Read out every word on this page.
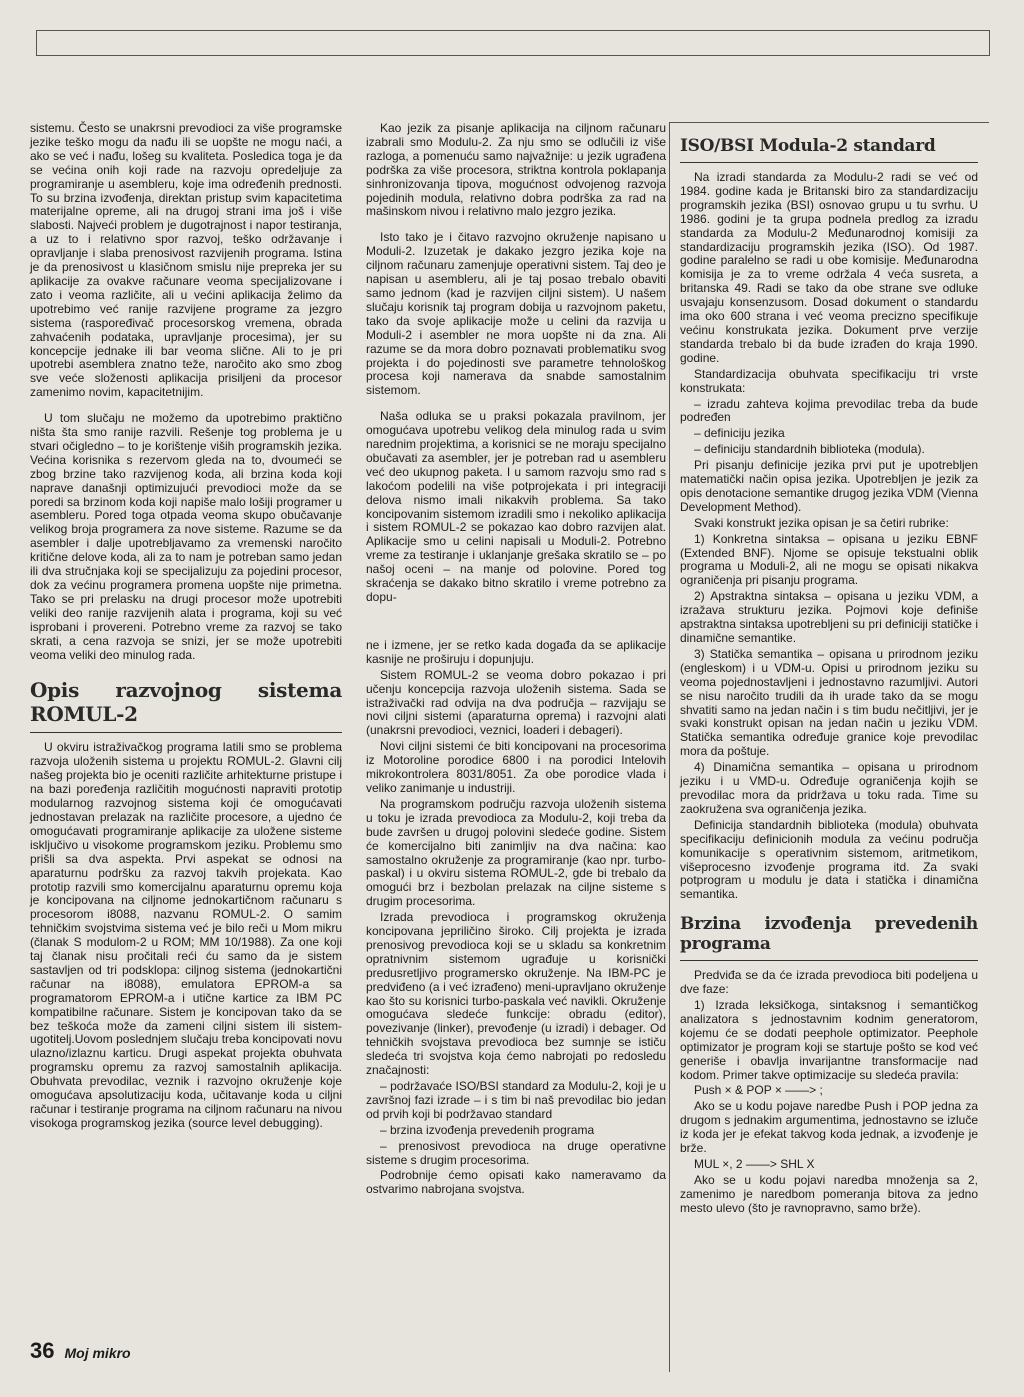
sistemu. Često se unakrsni prevodioci za više programske jezike teško mogu da nađu ili se uopšte ne mogu naći, a ako se već i nađu, lošeg su kvaliteta. Posledica toga je da se većina onih koji rade na razvoju opredeljuje za programiranje u asembleru, koje ima određenih prednosti. To su brzina izvođenja, direktan pristup svim kapacitetima materijalne opreme, ali na drugoj strani ima još i više slabosti. Najveći problem je dugotrajnost i napor testiranja, a uz to i relativno spor razvoj, teško održavanje i opravljanje i slaba prenosivost razvijenih programa. Istina je da prenosivost u klasičnom smislu nije prepreka jer su aplikacije za ovakve računare veoma specijalizovane i zato i veoma različite, ali u većini aplikacija želimo da upotrebimo već ranije razvijene programe za jezgro sistema (raspoređivač procesorskog vremena, obrada zahvaćenih podataka, upravljanje procesima), jer su koncepcije jednake ili bar veoma slične. Ali to je pri upotrebi asemblera znatno teže, naročito ako smo zbog sve veće složenosti aplikacija prisiljeni da procesor zamenimo novim, kapacitetnijim.

U tom slučaju ne možemo da upotrebimo praktično ništa šta smo ranije razvili. Rešenje tog problema je u stvari očigledno – to je korištenje viših programskih jezika. Većina korisnika s rezervom gleda na to, dvoumeći se zbog brzine tako razvijenog koda, ali brzina koda koji naprave današnji optimizujući prevodioci može da se poredi sa brzinom koda koji napiše malo lošiji programer u asembleru. Pored toga otpada veoma skupo obučavanje velikog broja programera za nove sisteme. Razume se da asembler i dalje upotrebljavamo za vremenski naročito kritične delove koda, ali za to nam je potreban samo jedan ili dva stručnjaka koji se specijalizuju za pojedini procesor, dok za većinu programera promena uopšte nije primetna. Tako se pri prelasku na drugi procesor može upotrebiti veliki deo ranije razvijenih alata i programa, koji su već isprobani i provereni. Potrebno vreme za razvoj se tako skrati, a cena razvoja se snizi, jer se može upotrebiti veoma veliki deo minulog rada.

Opis razvojnog sistema ROMUL-2

U okviru istraživačkog programa Iatili smo se problema razvoja uloženih sistema u projektu ROMUL-2. Glavni cilj našeg projekta bio je oceniti različite arhitekturne pristupe i na bazi poređenja različitih mogućnosti napraviti prototip modularnog razvojnog sistema koji će omogućavati jednostavan prelazak na različite procesore, a ujedno će omogućavati programiranje aplikacije za uložene sisteme isključivo u visokome programskom jeziku. Problemu smo prišli sa dva aspekta. Prvi aspekat se odnosi na aparaturnu podršku za razvoj takvih projekata. Kao prototip razvili smo komercijalnu aparaturnu opremu koja je koncipovana na ciljnome jednokartičnom računaru s procesorom i8088, nazvanu ROMUL-2. O samim tehničkim svojstvima sistema već je bilo reči u Mom mikru (članak S modulom-2 u ROM; MM 10/1988). Za one koji taj članak nisu pročitali reći ću samo da je sistem sastavljen od tri podsklopa: ciljnog sistema (jednokartični računar na i8088), emulatora EPROM-a sa programatorom EPROM-a i utične kartice za IBM PC kompatibilne računare. Sistem je koncipovan tako da se bez teškoća može da zameni ciljni sistem ili sistem- ugotitelj.Uovom poslednjem slučaju treba koncipovati novu ulazno/izlaznu karticu. Drugi aspekat projekta obuhvata programsku opremu za razvoj samostalnih aplikacija. Obuhvata prevodilac, veznik i razvojno okruženje koje omogućava apsolutizaciju koda, učitavanje koda u ciljni računar i testiranje programa na ciljnom računaru na nivou visokoga programskog jezika (source level debugging).

Kao jezik za pisanje aplikacija na ciljnom računaru izabrali smo Modulu-2. Za nju smo se odlučili iz više razloga, a pomenuću samo najvažnije: u jezik ugrađena podrška za više procesora, striktna kontrola poklapanja sinhronizovanja tipova, mogućnost odvojenog razvoja pojedinih modula, relativno dobra podrška za rad na mašinskom nivou i relativno malo jezgro jezika.

Isto tako je i čitavo razvojno okruženje napisano u Moduli-2. Izuzetak je dakako jezgro jezika koje na ciljnom računaru zamenjuje operativni sistem. Taj deo je napisan u asembleru, ali je taj posao trebalo obaviti samo jednom (kad je razvijen ciljni sistem). U našem slučaju korisnik taj program dobija u razvojnom paketu, tako da svoje aplikacije može u celini da razvija u Moduli-2 i asembler ne mora uopšte ni da zna. Ali razume se da mora dobro poznavati problematiku svog projekta i do pojedinosti sve parametre tehnološkog procesa koji namerava da snabde samostalnim sistemom.

Naša odluka se u praksi pokazala pravilnom, jer omogućava upotrebu velikog dela minulog rada u svim narednim projektima, a korisnici se ne moraju specijalno obučavati za asembler, jer je potreban rad u asembleru već deo ukupnog paketa. I u samom razvoju smo rad s lakoćom podelili na više potprojekata i pri integraciji delova nismo imali nikakvih problema. Sa tako koncipovanim sistemom izradili smo i nekoliko aplikacija i sistem ROMUL-2 se pokazao kao dobro razvijen alat. Aplikacije smo u celini napisali u Moduli-2. Potrebno vreme za testiranje i uklanjanje grešaka skratilo se – po našoj oceni – na manje od polovine. Pored tog skraćenja se dakako bitno skratilo i vreme potrebno za dopu-

ne i izmene, jer se retko kada događa da se aplikacije kasnije ne proširuju i dopunjuju.

Sistem ROMUL-2 se veoma dobro pokazao i pri učenju koncepcija razvoja uloženih sistema. Sada se istraživački rad odvija na dva područja – razvijaju se novi ciljni sistemi (aparaturna oprema) i razvojni alati (unakrsni prevodioci, veznici, loaderi i debageri).

Novi ciljni sistemi će biti koncipovani na procesorima iz Motoroline porodice 6800 i na porodici Intelovih mikrokontrolera 8031/8051. Za obe porodice vlada i veliko zanimanje u industriji.

Na programskom području razvoja uloženih sistema u toku je izrada prevodioca za Modulu-2, koji treba da bude završen u drugoj polovini sledeće godine. Sistem će komercijalno biti zanimljiv na dva načina: kao samostalno okruženje za programiranje (kao npr. turbo-paskal) i u okviru sistema ROMUL-2, gde bi trebalo da omogući brz i bezbolan prelazak na ciljne sisteme s drugim procesorima.

Izrada prevodioca i programskog okruženja koncipovana jepriličino široko. Cilj projekta je izrada prenosivog prevodioca koji se u skladu sa konkretnim opratnivnim sistemom ugrađuje u korisnički predusretljivo programersko okruženje. Na IBM-PC je predviđeno (a i već izrađeno) meni-upravljano okruženje kao što su korisnici turbo-paskala već navikli. Okruženje omogućava sledeće funkcije: obradu (editor), povezivanje (linker), prevođenje (u izradi) i debager. Od tehničkih svojstava prevodioca bez sumnje se ističu sledeća tri svojstva koja ćemo nabrojati po redosledu značajnosti:

– podržavaće ISO/BSI standard za Modulu-2, koji je u završnoj fazi izrade – i s tim bi naš prevodilac bio jedan od prvih koji bi podržavao standard

– brzina izvođenja prevedenih programa

– prenosivost prevodioca na druge operativne sisteme s drugim procesorima.

Podrobnije ćemo opisati kako nameravamo da ostvarimo nabrojana svojstva.

ISO/BSI Modula-2 standard

Na izradi standarda za Modulu-2 radi se već od 1984. godine kada je Britanski biro za standardizaciju programskih jezika (BSI) osnovao grupu u tu svrhu. U 1986. godini je ta grupa podnela predlog za izradu standarda za Modulu-2 Međunarodnoj komisiji za standardizaciju programskih jezika (ISO). Od 1987. godine paralelno se radi u obe komisije. Međunarodna komisija je za to vreme održala 4 veća susreta, a britanska 49. Radi se tako da obe strane sve odluke usvajaju konsenzusom. Dosad dokument o standardu ima oko 600 strana i već veoma precizno specifikuje većinu konstrukata jezika. Dokument prve verzije standarda trebalo bi da bude izrađen do kraja 1990. godine.

Standardizacija obuhvata specifikaciju tri vrste konstrukata:

– izradu zahteva kojima prevodilac treba da bude podređen

– definiciju jezika

– definiciju standardnih biblioteka (modula).

Pri pisanju definicije jezika prvi put je upotrebljen matematički način opisa jezika. Upotrebljen je jezik za opis denotacione semantike drugog jezika VDM (Vienna Development Method).

Svaki konstrukt jezika opisan je sa četiri rubrike:

1) Konkretna sintaksa – opisana u jeziku EBNF (Extended BNF). Njome se opisuje tekstualni oblik programa u Moduli-2, ali ne mogu se opisati nikakva ograničenja pri pisanju programa.

2) Apstraktna sintaksa – opisana u jeziku VDM, a izražava strukturu jezika. Pojmovi koje definiše apstraktna sintaksa upotrebljeni su pri definiciji statičke i dinamične semantike.

3) Statička semantika – opisana u prirodnom jeziku (engleskom) i u VDM-u. Opisi u prirodnom jeziku su veoma pojednostavljeni i jednostavno razumljivi. Autori se nisu naročito trudili da ih urade tako da se mogu shvatiti samo na jedan način i s tim budu nečitljivi, jer je svaki konstrukt opisan na jedan način u jeziku VDM. Statička semantika određuje granice koje prevodilac mora da poštuje.

4) Dinamična semantika – opisana u prirodnom jeziku i u VMD-u. Određuje ograničenja kojih se prevodilac mora da pridržava u toku rada. Time su zaokružena sva ograničenja jezika.

Definicija standardnih biblioteka (modula) obuhvata specifikaciju definicionih modula za većinu područja komunikacije s operativnim sistemom, aritmetikom, višeprocesno izvođenje programa itd. Za svaki potprogram u modulu je data i statička i dinamična semantika.

Brzina izvođenja prevedenih programa

Predviđa se da će izrada prevodioca biti podeljena u dve faze:

1) Izrada leksičkoga, sintaksnog i semantičkog analizatora s jednostavnim kodnim generatorom, kojemu će se dodati peephole optimizator. Peephole optimizator je program koji se startuje pošto se kod već generiše i obavlja invarijantne transformacije nad kodom. Primer takve optimizacije su sledeća pravila:

Push × & POP × ——> ;

Ako se u kodu pojave naredbe Push i POP jedna za drugom s jednakim argumentima, jednostavno se izluče iz koda jer je efekat takvog koda jednak, a izvođenje je brže.

MUL ×, 2 ——> SHL X

Ako se u kodu pojavi naredba množenja sa 2, zamenimo je naredbom pomeranja bitova za jedno mesto ulevo (što je ravnopravno, samo brže).

36 Moj mikro
